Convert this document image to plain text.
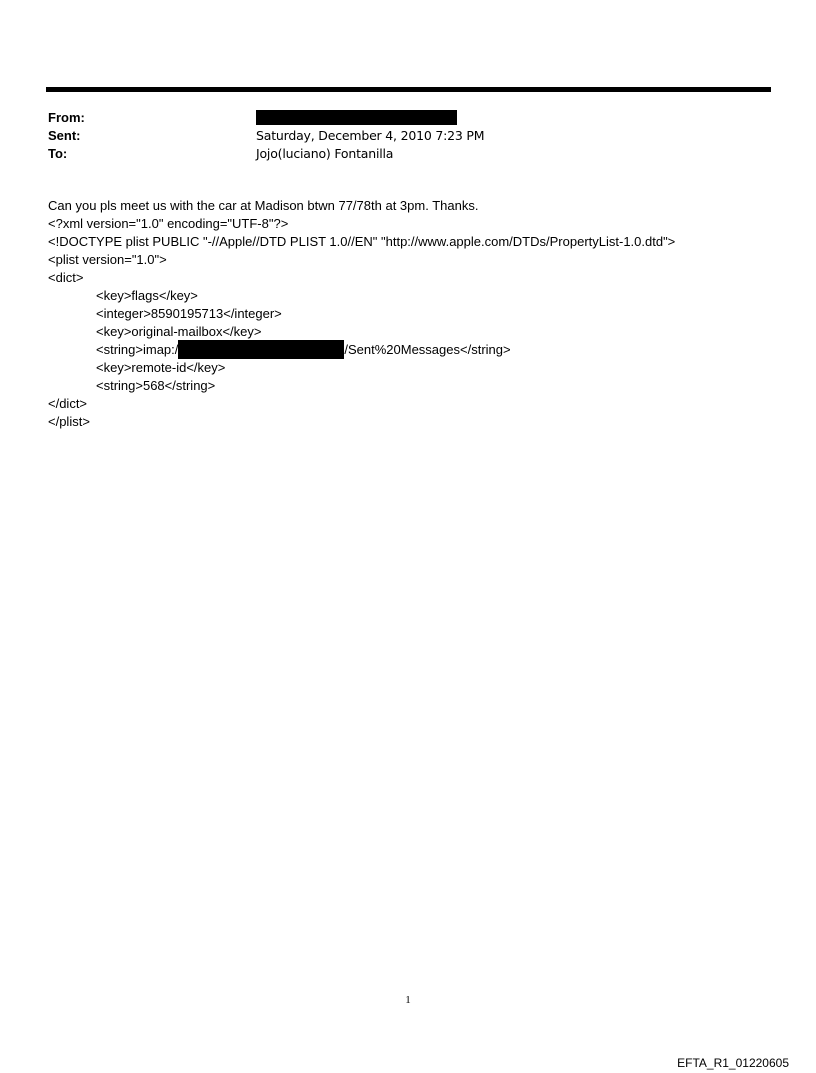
From:
Sent:	Saturday, December 4, 2010 7:23 PM
To:	Jojo(luciano) Fontanilla
Can you pls meet us with the car at Madison btwn 77/78th at 3pm. Thanks.
<?xml version="1.0" encoding="UTF-8"?>
<!DOCTYPE plist PUBLIC "-//Apple//DTD PLIST 1.0//EN" "http://www.apple.com/DTDs/PropertyList-1.0.dtd">
<plist version="1.0">
<dict>
<key>flags</key>
<integer>8590195713</integer>
<key>original-mailbox</key>
<string>imap:/	/Sent%20Messages</string>
<key>remote-id</key>
<string>568</string>
</dict>
</plist>
1
EFTA_R1_01220605
